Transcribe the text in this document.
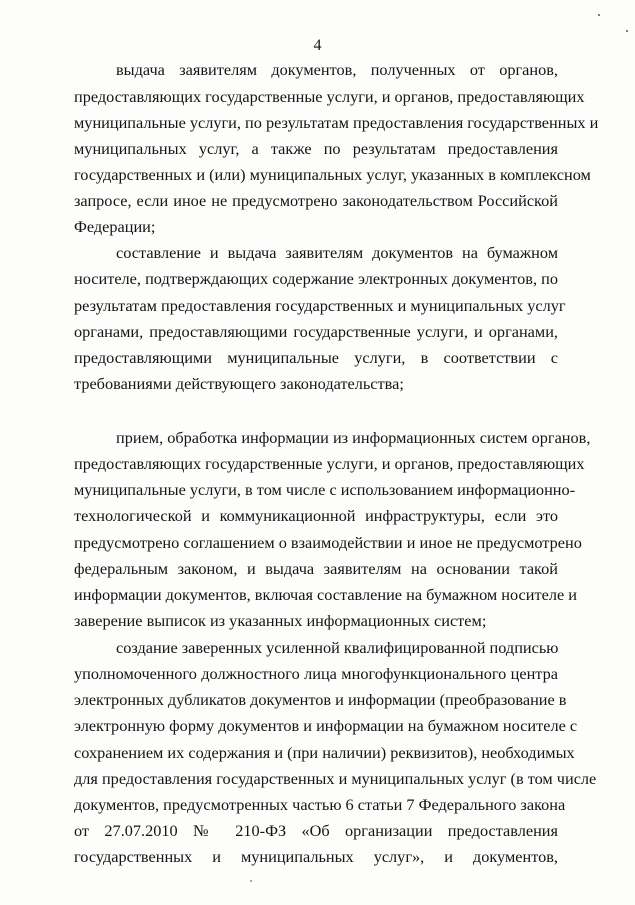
4
выдача заявителям документов, полученных от органов,
предоставляющих государственные услуги, и органов, предоставляющих
муниципальные услуги, по результатам предоставления государственных и
муниципальных услуг, а также по результатам предоставления
государственных и (или) муниципальных услуг, указанных в комплексном
запросе, если иное не предусмотрено законодательством Российской
Федерации;
составление и выдача заявителям документов на бумажном
носителе, подтверждающих содержание электронных документов, по
результатам предоставления государственных и муниципальных услуг
органами, предоставляющими государственные услуги, и органами,
предоставляющими муниципальные услуги, в соответствии с
требованиями действующего законодательства;
прием, обработка информации из информационных систем органов,
предоставляющих государственные услуги, и органов, предоставляющих
муниципальные услуги, в том числе с использованием информационно-
технологической и коммуникационной инфраструктуры, если это
предусмотрено соглашением о взаимодействии и иное не предусмотрено
федеральным законом, и выдача заявителям на основании такой
информации документов, включая составление на бумажном носителе и
заверение выписок из указанных информационных систем;
создание заверенных усиленной квалифицированной подписью
уполномоченного должностного лица многофункционального центра
электронных дубликатов документов и информации (преобразование в
электронную форму документов и информации на бумажном носителе с
сохранением их содержания и (при наличии) реквизитов), необходимых
для предоставления государственных и муниципальных услуг (в том числе
документов, предусмотренных частью 6 статьи 7 Федерального закона
от 27.07.2010 № 210-ФЗ «Об организации предоставления
государственных и муниципальных услуг», и документов,
